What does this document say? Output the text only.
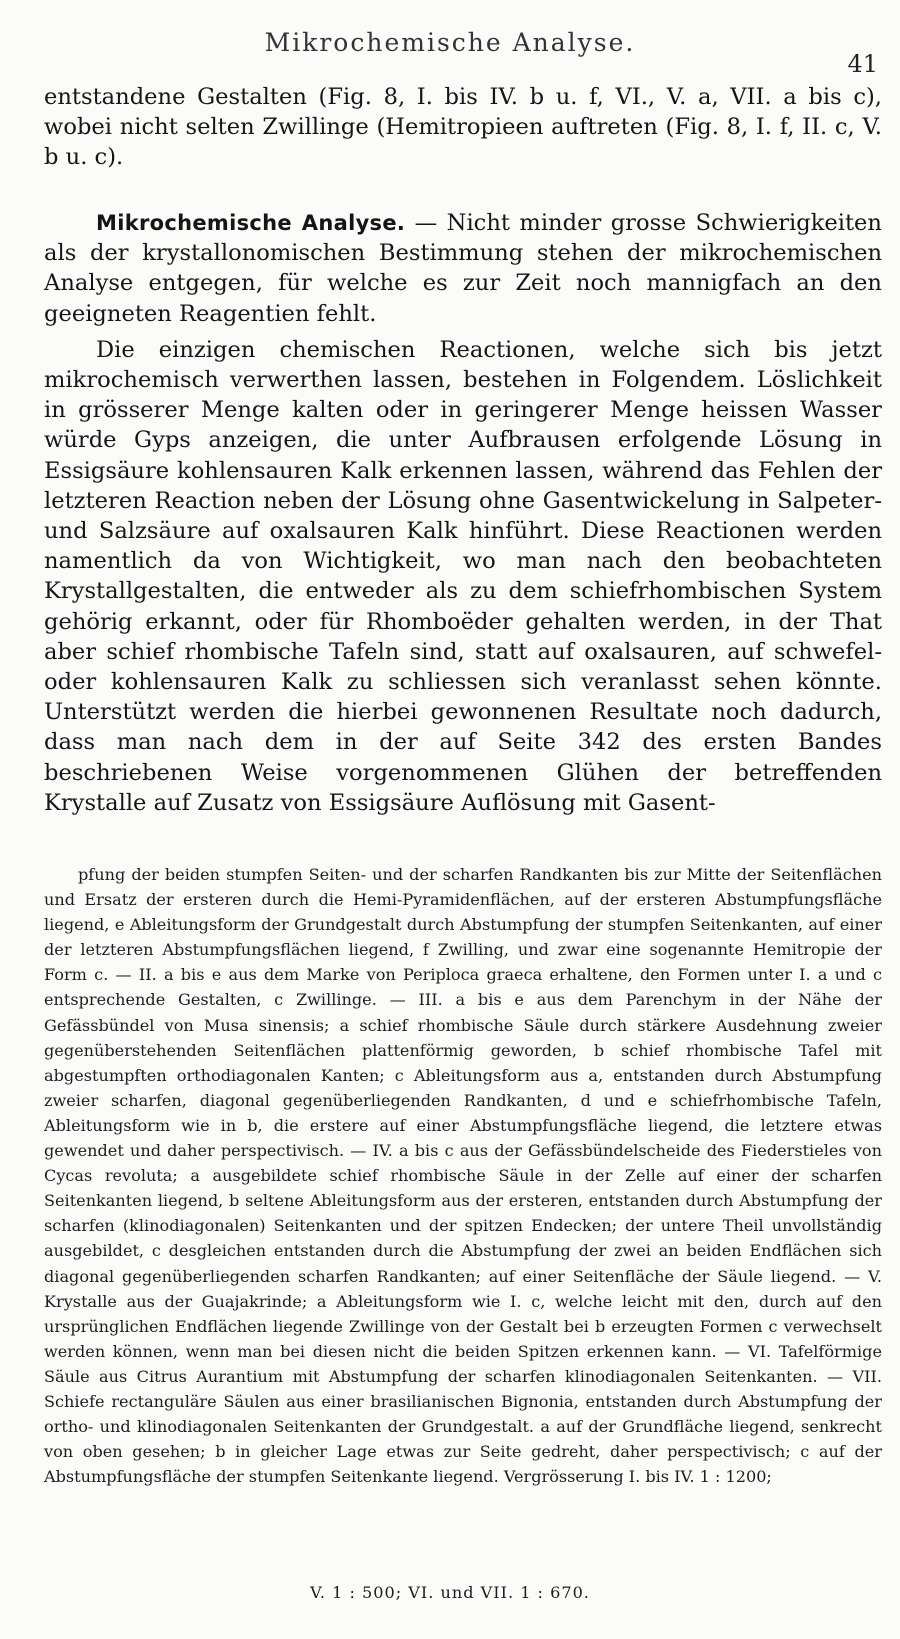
Mikrochemische Analyse.
41

entstandene Gestalten (Fig. 8, I. bis IV. b u. f, VI., V. a, VII. a bis c), wobei nicht selten Zwillinge (Hemitropieen auftreten (Fig. 8, I. f, II. c, V. b u. c).

Mikrochemische Analyse. — Nicht minder grosse Schwierigkeiten als der krystallonomischen Bestimmung stehen der mikrochemischen Analyse entgegen, für welche es zur Zeit noch mannigfach an den geeigneten Reagentien fehlt.

Die einzigen chemischen Reactionen, welche sich bis jetzt mikrochemisch verwerthen lassen, bestehen in Folgendem. Löslichkeit in grösserer Menge kalten oder in geringerer Menge heissen Wasser würde Gyps anzeigen, die unter Aufbrausen erfolgende Lösung in Essigsäure kohlensauren Kalk erkennen lassen, während das Fehlen der letzteren Reaction neben der Lösung ohne Gasentwickelung in Salpeter- und Salzsäure auf oxalsauren Kalk hinführt. Diese Reactionen werden namentlich da von Wichtigkeit, wo man nach den beobachteten Krystallgestalten, die entweder als zu dem schiefrhombischen System gehörig erkannt, oder für Rhomboëder gehalten werden, in der That aber schief rhombische Tafeln sind, statt auf oxalsauren, auf schwefel- oder kohlensauren Kalk zu schliessen sich veranlasst sehen könnte. Unterstützt werden die hierbei gewonnenen Resultate noch dadurch, dass man nach dem in der auf Seite 342 des ersten Bandes beschriebenen Weise vorgenommenen Glühen der betreffenden Krystalle auf Zusatz von Essigsäure Auflösung mit Gasent-

pfung der beiden stumpfen Seiten- und der scharfen Randkanten bis zur Mitte der Seitenflächen und Ersatz der ersteren durch die Hemi-Pyramidenflächen, auf der ersteren Abstumpfungsfläche liegend, e Ableitungsform der Grundgestalt durch Abstumpfung der stumpfen Seitenkanten, auf einer der letzteren Abstumpfungsflächen liegend, f Zwilling, und zwar eine sogenannte Hemitropie der Form c. — II. a bis e aus dem Marke von Periploca graeca erhaltene, den Formen unter I. a und c entsprechende Gestalten, c Zwillinge. — III. a bis e aus dem Parenchym in der Nähe der Gefässbündel von Musa sinensis; a schief rhombische Säule durch stärkere Ausdehnung zweier gegenüberstehenden Seitenflächen plattenförmig geworden, b schief rhombische Tafel mit abgestumpften orthodiagonalen Kanten; c Ableitungsform aus a, entstanden durch Abstumpfung zweier scharfen, diagonal gegenüberliegenden Randkanten, d und e schiefrhombische Tafeln, Ableitungsform wie in b, die erstere auf einer Abstumpfungsfläche liegend, die letztere etwas gewendet und daher perspectivisch. — IV. a bis c aus der Gefässbündelscheide des Fiederstieles von Cycas revoluta; a ausgebildete schief rhombische Säule in der Zelle auf einer der scharfen Seitenkanten liegend, b seltene Ableitungsform aus der ersteren, entstanden durch Abstumpfung der scharfen (klinodiagonalen) Seitenkanten und der spitzen Endecken; der untere Theil unvollständig ausgebildet, c desgleichen entstanden durch die Abstumpfung der zwei an beiden Endflächen sich diagonal gegenüberliegenden scharfen Randkanten; auf einer Seitenfläche der Säule liegend. — V. Krystalle aus der Guajakrinde; a Ableitungsform wie I. c, welche leicht mit den, durch auf den ursprünglichen Endflächen liegende Zwillinge von der Gestalt bei b erzeugten Formen c verwechselt werden können, wenn man bei diesen nicht die beiden Spitzen erkennen kann. — VI. Tafelförmige Säule aus Citrus Aurantium mit Abstumpfung der scharfen klinodiagonalen Seitenkanten. — VII. Schiefe rectanguläre Säulen aus einer brasilianischen Bignonia, entstanden durch Abstumpfung der ortho- und klinodiagonalen Seitenkanten der Grundgestalt. a auf der Grundfläche liegend, senkrecht von oben gesehen; b in gleicher Lage etwas zur Seite gedreht, daher perspectivisch; c auf der Abstumpfungsfläche der stumpfen Seitenkante liegend. Vergrösserung I. bis IV. 1 : 1200;

V. 1 : 500; VI. und VII. 1 : 670.
